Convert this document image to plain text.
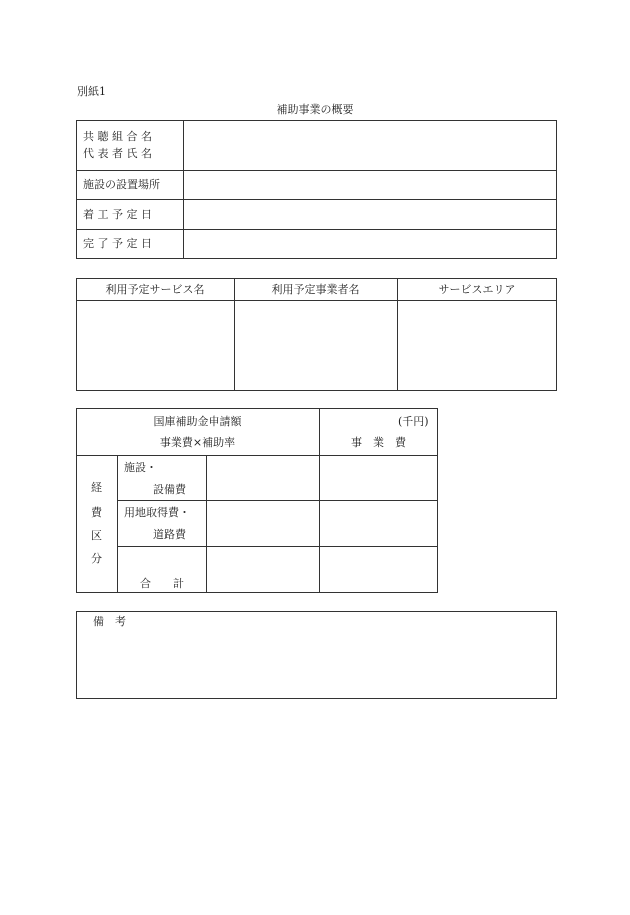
別紙1
補助事業の概要
共 聴 組 合 名
代 表 者 氏 名
施設の設置場所
着 工 予 定 日
完 了 予 定 日
利用予定サービス名	利用予定事業者名	サービスエリア
国庫補助金申請額
事業費×補助率
(千円)
事　業　費
経
費
区
分
施設・
設備費
用地取得費・
道路費
合　　計
備　考
